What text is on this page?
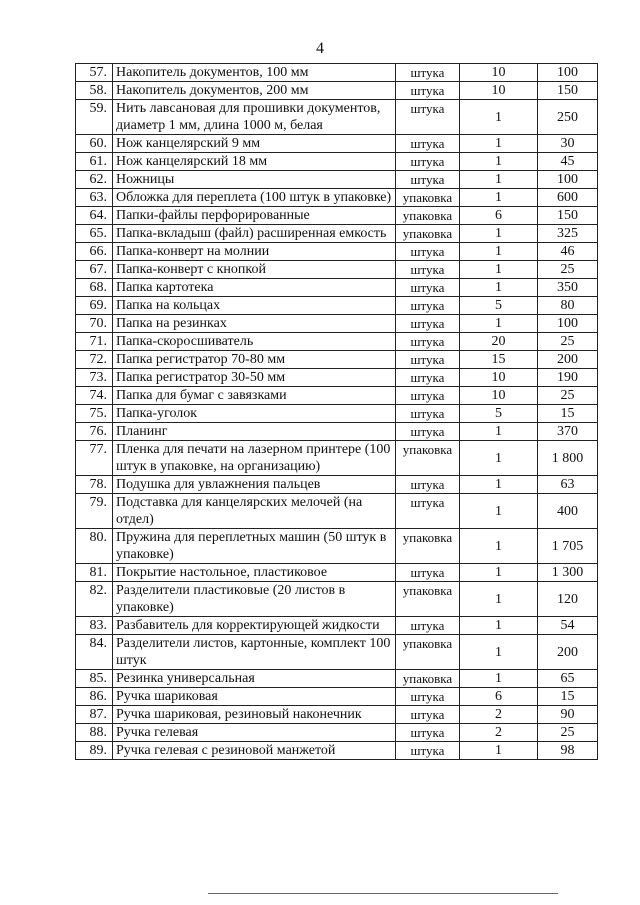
4
57.	Накопитель документов, 100 мм	штука	10	100
58.	Накопитель документов, 200 мм	штука	10	150
59.	Нить лавсановая для прошивки документов, диаметр 1 мм, длина 1000 м, белая	штука	1	250
60.	Нож канцелярский 9 мм	штука	1	30
61.	Нож канцелярский 18 мм	штука	1	45
62.	Ножницы	штука	1	100
63.	Обложка для переплета (100 штук в упаковке)	упаковка	1	600
64.	Папки-файлы перфорированные	упаковка	6	150
65.	Папка-вкладыш (файл) расширенная емкость	упаковка	1	325
66.	Папка-конверт на молнии	штука	1	46
67.	Папка-конверт с кнопкой	штука	1	25
68.	Папка картотека	штука	1	350
69.	Папка на кольцах	штука	5	80
70.	Папка на резинках	штука	1	100
71.	Папка-скоросшиватель	штука	20	25
72.	Папка регистратор 70-80 мм	штука	15	200
73.	Папка регистратор 30-50 мм	штука	10	190
74.	Папка для бумаг с завязками	штука	10	25
75.	Папка-уголок	штука	5	15
76.	Планинг	штука	1	370
77.	Пленка для печати на лазерном принтере (100 штук в упаковке, на организацию)	упаковка	1	1 800
78.	Подушка для увлажнения пальцев	штука	1	63
79.	Подставка для канцелярских мелочей (на отдел)	штука	1	400
80.	Пружина для переплетных машин (50 штук в упаковке)	упаковка	1	1 705
81.	Покрытие настольное, пластиковое	штука	1	1 300
82.	Разделители пластиковые (20 листов в упаковке)	упаковка	1	120
83.	Разбавитель для корректирующей жидкости	штука	1	54
84.	Разделители листов, картонные, комплект 100 штук	упаковка	1	200
85.	Резинка универсальная	упаковка	1	65
86.	Ручка шариковая	штука	6	15
87.	Ручка шариковая, резиновый наконечник	штука	2	90
88.	Ручка гелевая	штука	2	25
89.	Ручка гелевая с резиновой манжетой	штука	1	98
